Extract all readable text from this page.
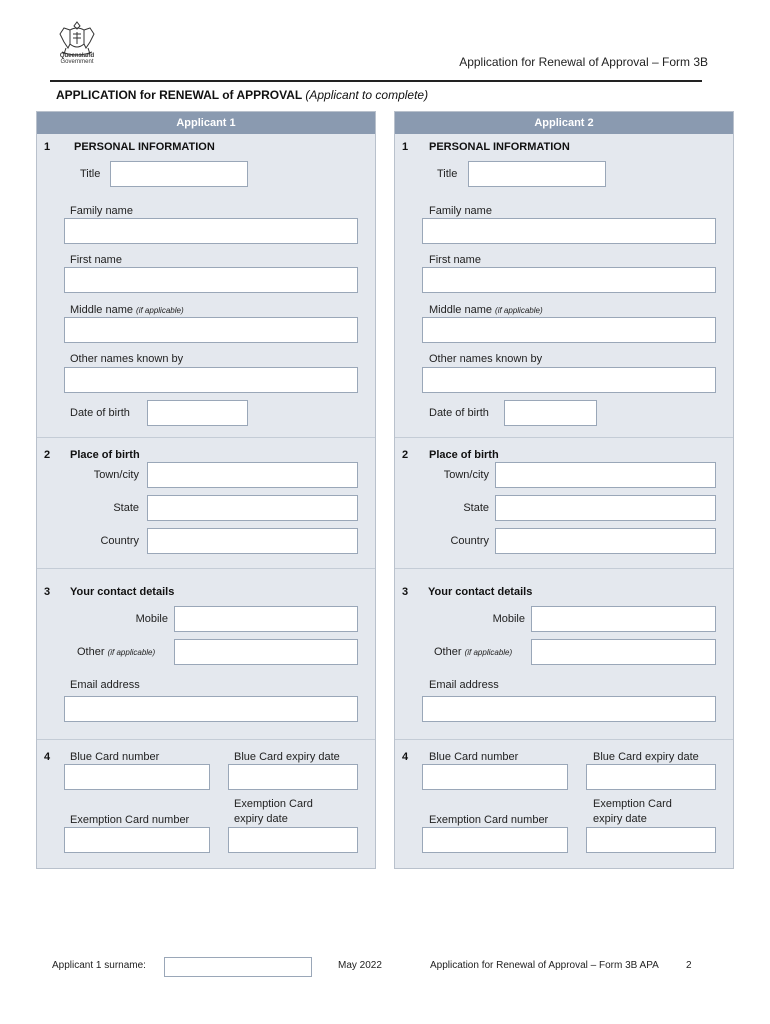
Queensland
Government	Application for Renewal of Approval – Form 3B
APPLICATION for RENEWAL of APPROVAL (Applicant to complete)
Applicant 1
1 PERSONAL INFORMATION
Title
Family name
First name
Middle name (if applicable)
Other names known by
Date of birth
2 Place of birth
Town/city
State
Country
3 Your contact details
Mobile
Other (if applicable)
Email address
4 Blue Card number	Blue Card expiry date
Exemption Card number
Exemption Card
expiry date
Applicant 2
1 PERSONAL INFORMATION
Title
Family name
First name
Middle name (if applicable)
Other names known by
Date of birth
2 Place of birth
Town/city
State
Country
3 Your contact details
Mobile
Other (if applicable)
Email address
4 Blue Card number	Blue Card expiry date
Exemption Card number
Exemption Card
expiry date
Applicant 1 surname:	May 2022	Application for Renewal of Approval – Form 3B APA	2
